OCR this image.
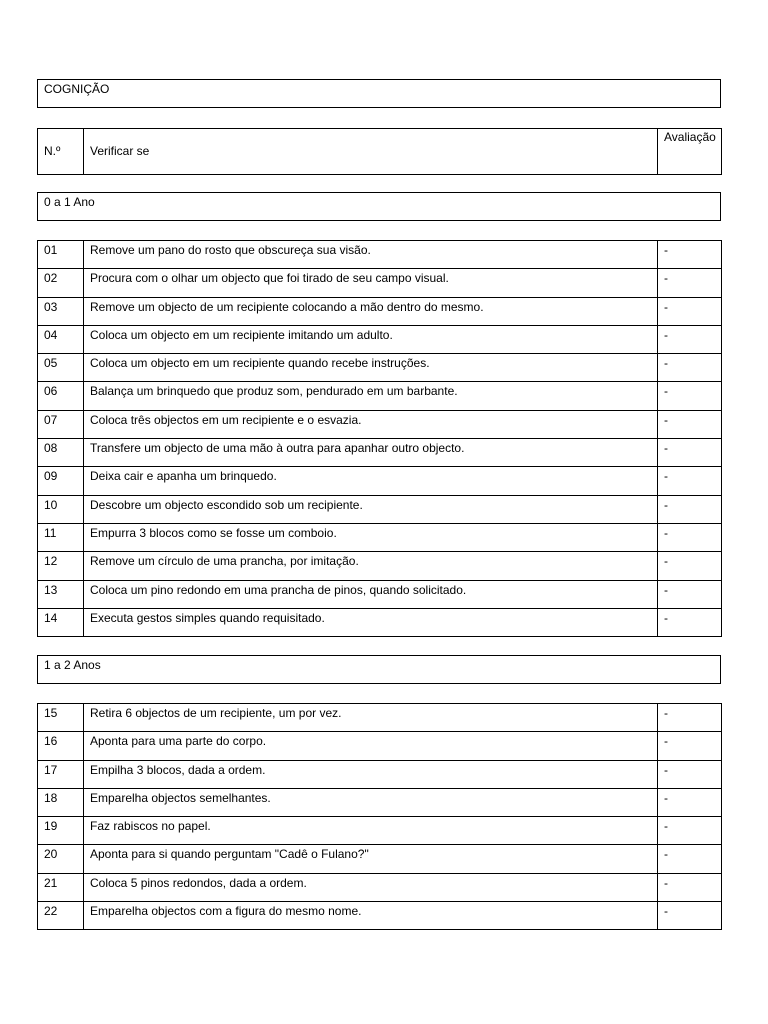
COGNIÇÃO
N.º	Verificar se	Avaliação
0 a 1 Ano
01	Remove um pano do rosto que obscureça sua visão.	-
02	Procura com o olhar um objecto que foi tirado de seu campo visual.	-
03	Remove um objecto de um recipiente colocando a mão dentro do mesmo.	-
04	Coloca um objecto em um recipiente imitando um adulto.	-
05	Coloca um objecto em um recipiente quando recebe instruções.	-
06	Balança um brinquedo que produz som, pendurado em um barbante.	-
07	Coloca três objectos em um recipiente e o esvazia.	-
08	Transfere um objecto de uma mão à outra para apanhar outro objecto.	-
09	Deixa cair e apanha um brinquedo.	-
10	Descobre um objecto escondido sob um recipiente.	-
11	Empurra 3 blocos como se fosse um comboio.	-
12	Remove um círculo de uma prancha, por imitação.	-
13	Coloca um pino redondo em uma prancha de pinos, quando solicitado.	-
14	Executa gestos simples quando requisitado.	-
1 a 2 Anos
15	Retira 6 objectos de um recipiente, um por vez.	-
16	Aponta para uma parte do corpo.	-
17	Empilha 3 blocos, dada a ordem.	-
18	Emparelha objectos semelhantes.	-
19	Faz rabiscos no papel.	-
20	Aponta para si quando perguntam "Cadê o Fulano?"	-
21	Coloca 5 pinos redondos, dada a ordem.	-
22	Emparelha objectos com a figura do mesmo nome.	-
